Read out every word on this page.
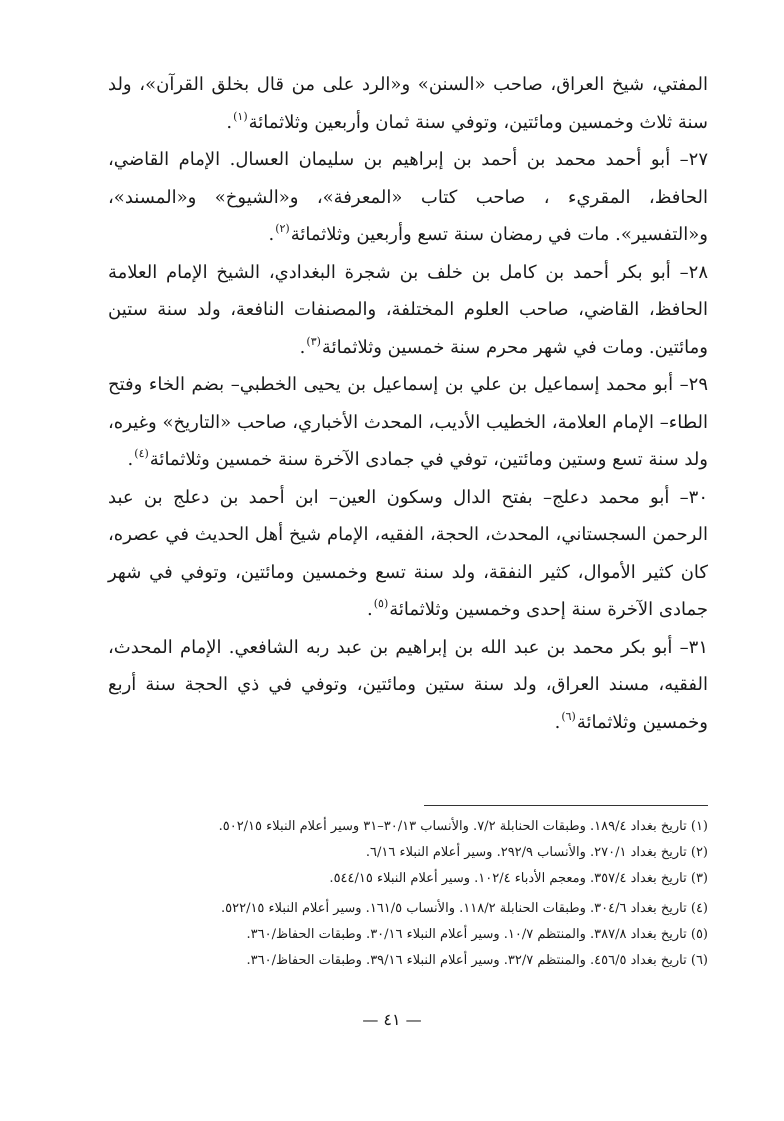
المفتي، شيخ العراق، صاحب «السنن» و«الرد على من قال بخلق القرآن»، ولد سنة ثلاث وخمسين ومائتين، وتوفي سنة ثمان وأربعين وثلاثمائة$^{(١)}$.

٢٧– أبو أحمد محمد بن أحمد بن إبراهيم بن سليمان العسال. الإمام القاضي، الحافظ، المقريء ، صاحب كتاب «المعرفة»، و«الشيوخ» و«المسند»، و«التفسير». مات في رمضان سنة تسع وأربعين وثلاثمائة$^{(٢)}$.

٢٨– أبو بكر أحمد بن كامل بن خلف بن شجرة البغدادي، الشيخ الإمام العلامة الحافظ، القاضي، صاحب العلوم المختلفة، والمصنفات النافعة، ولد سنة ستين ومائتين. ومات في شهر محرم سنة خمسين وثلاثمائة$^{(٣)}$.

٢٩– أبو محمد إسماعيل بن علي بن إسماعيل بن يحيى الخطبي– بضم الخاء وفتح الطاء– الإمام العلامة، الخطيب الأديب، المحدث الأخباري، صاحب «التاريخ» وغيره، ولد سنة تسع وستين ومائتين، توفي في جمادى الآخرة سنة خمسين وثلاثمائة$^{(٤)}$.

٣٠– أبو محمد دعلج– بفتح الدال وسكون العين– ابن أحمد بن دعلج بن عبد الرحمن السجستاني، المحدث، الحجة، الفقيه، الإمام شيخ أهل الحديث في عصره، كان كثير الأموال، كثير النفقة، ولد سنة تسع وخمسين ومائتين، وتوفي في شهر جمادى الآخرة سنة إحدى وخمسين وثلاثمائة$^{(٥)}$.

٣١– أبو بكر محمد بن عبد الله بن إبراهيم بن عبد ربه الشافعي. الإمام المحدث، الفقيه، مسند العراق، ولد سنة ستين ومائتين، وتوفي في ذي الحجة سنة أربع وخمسين وثلاثمائة$^{(٦)}$.

(١) تاريخ بغداد ١٨٩/٤. وطبقات الحنابلة ٧/٢. والأنساب ٣٠/١٣–٣١ وسير أعلام النبلاء ٥٠٢/١٥.
(٢) تاريخ بغداد ٢٧٠/١. والأنساب ٢٩٢/٩. وسير أعلام النبلاء ٦/١٦.
(٣) تاريخ بغداد ٣٥٧/٤. ومعجم الأدباء ١٠٢/٤. وسير أعلام النبلاء ٥٤٤/١٥.
(٤) تاريخ بغداد ٣٠٤/٦. وطبقات الحنابلة ١١٨/٢. والأنساب ١٦١/٥. وسير أعلام النبلاء ٥٢٢/١٥.
(٥) تاريخ بغداد ٣٨٧/٨. والمنتظم ١٠/٧. وسير أعلام النبلاء ٣٠/١٦. وطبقات الحفاظ/٣٦٠.
(٦) تاريخ بغداد ٤٥٦/٥. والمنتظم ٣٢/٧. وسير أعلام النبلاء ٣٩/١٦. وطبقات الحفاظ/٣٦٠.
— ٤١ —
